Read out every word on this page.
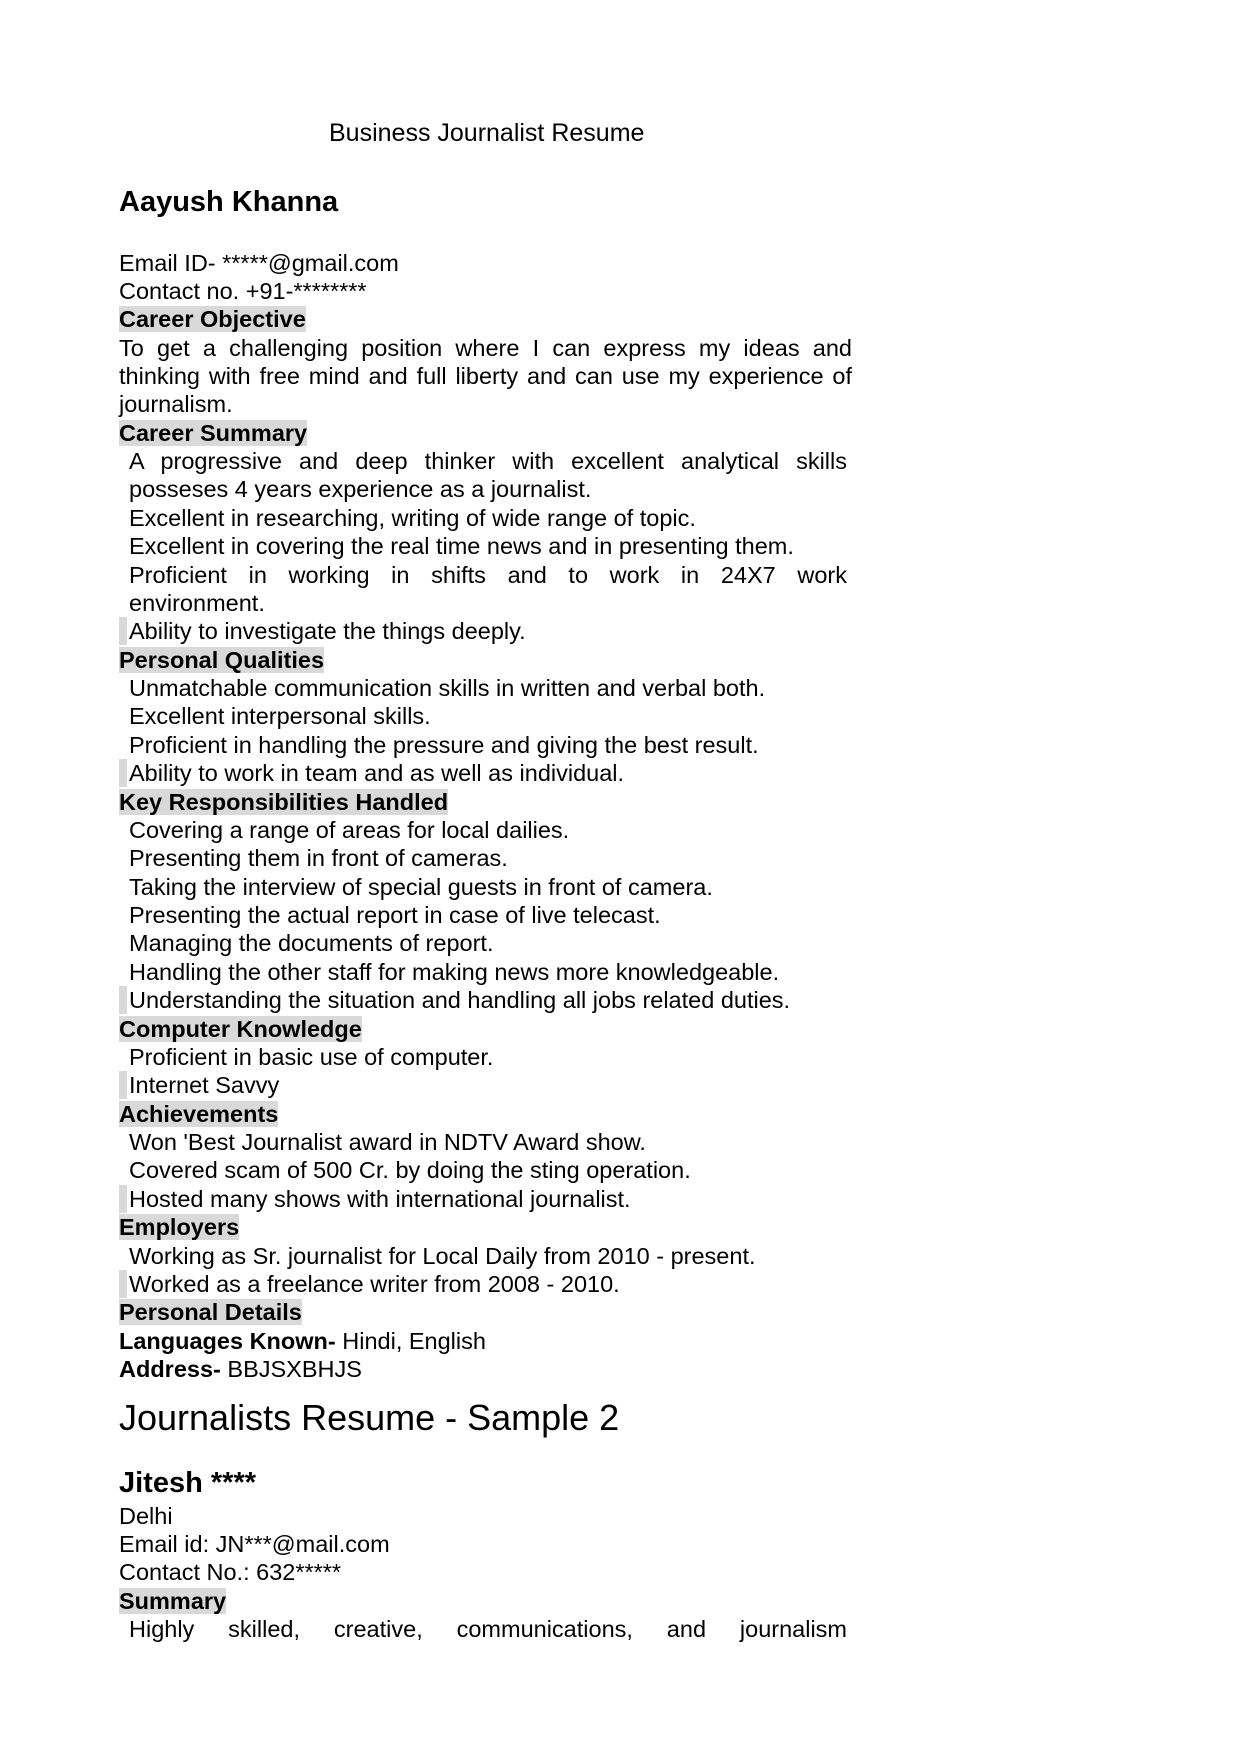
Business Journalist Resume
Aayush Khanna
Email ID- *****@gmail.com
Contact no. +91-********
Career Objective
To get a challenging position where I can express my ideas and
thinking with free mind and full liberty and can use my experience of
journalism.
Career Summary
A progressive and deep thinker with excellent analytical skills
posseses 4 years experience as a journalist.
Excellent in researching, writing of wide range of topic.
Excellent in covering the real time news and in presenting them.
Proficient in working in shifts and to work in 24X7 work
environment.
Ability to investigate the things deeply.
Personal Qualities
Unmatchable communication skills in written and verbal both.
Excellent interpersonal skills.
Proficient in handling the pressure and giving the best result.
Ability to work in team and as well as individual.
Key Responsibilities Handled
Covering a range of areas for local dailies.
Presenting them in front of cameras.
Taking the interview of special guests in front of camera.
Presenting the actual report in case of live telecast.
Managing the documents of report.
Handling the other staff for making news more knowledgeable.
Understanding the situation and handling all jobs related duties.
Computer Knowledge
Proficient in basic use of computer.
Internet Savvy
Achievements
Won 'Best Journalist award in NDTV Award show.
Covered scam of 500 Cr. by doing the sting operation.
Hosted many shows with international journalist.
Employers
Working as Sr. journalist for Local Daily from 2010 - present.
Worked as a freelance writer from 2008 - 2010.
Personal Details
Languages Known- Hindi, English
Address- BBJSXBHJS
Journalists Resume - Sample 2
Jitesh ****
Delhi
Email id: JN***@mail.com
Contact No.: 632*****
Summary
Highly skilled, creative, communications, and journalism
